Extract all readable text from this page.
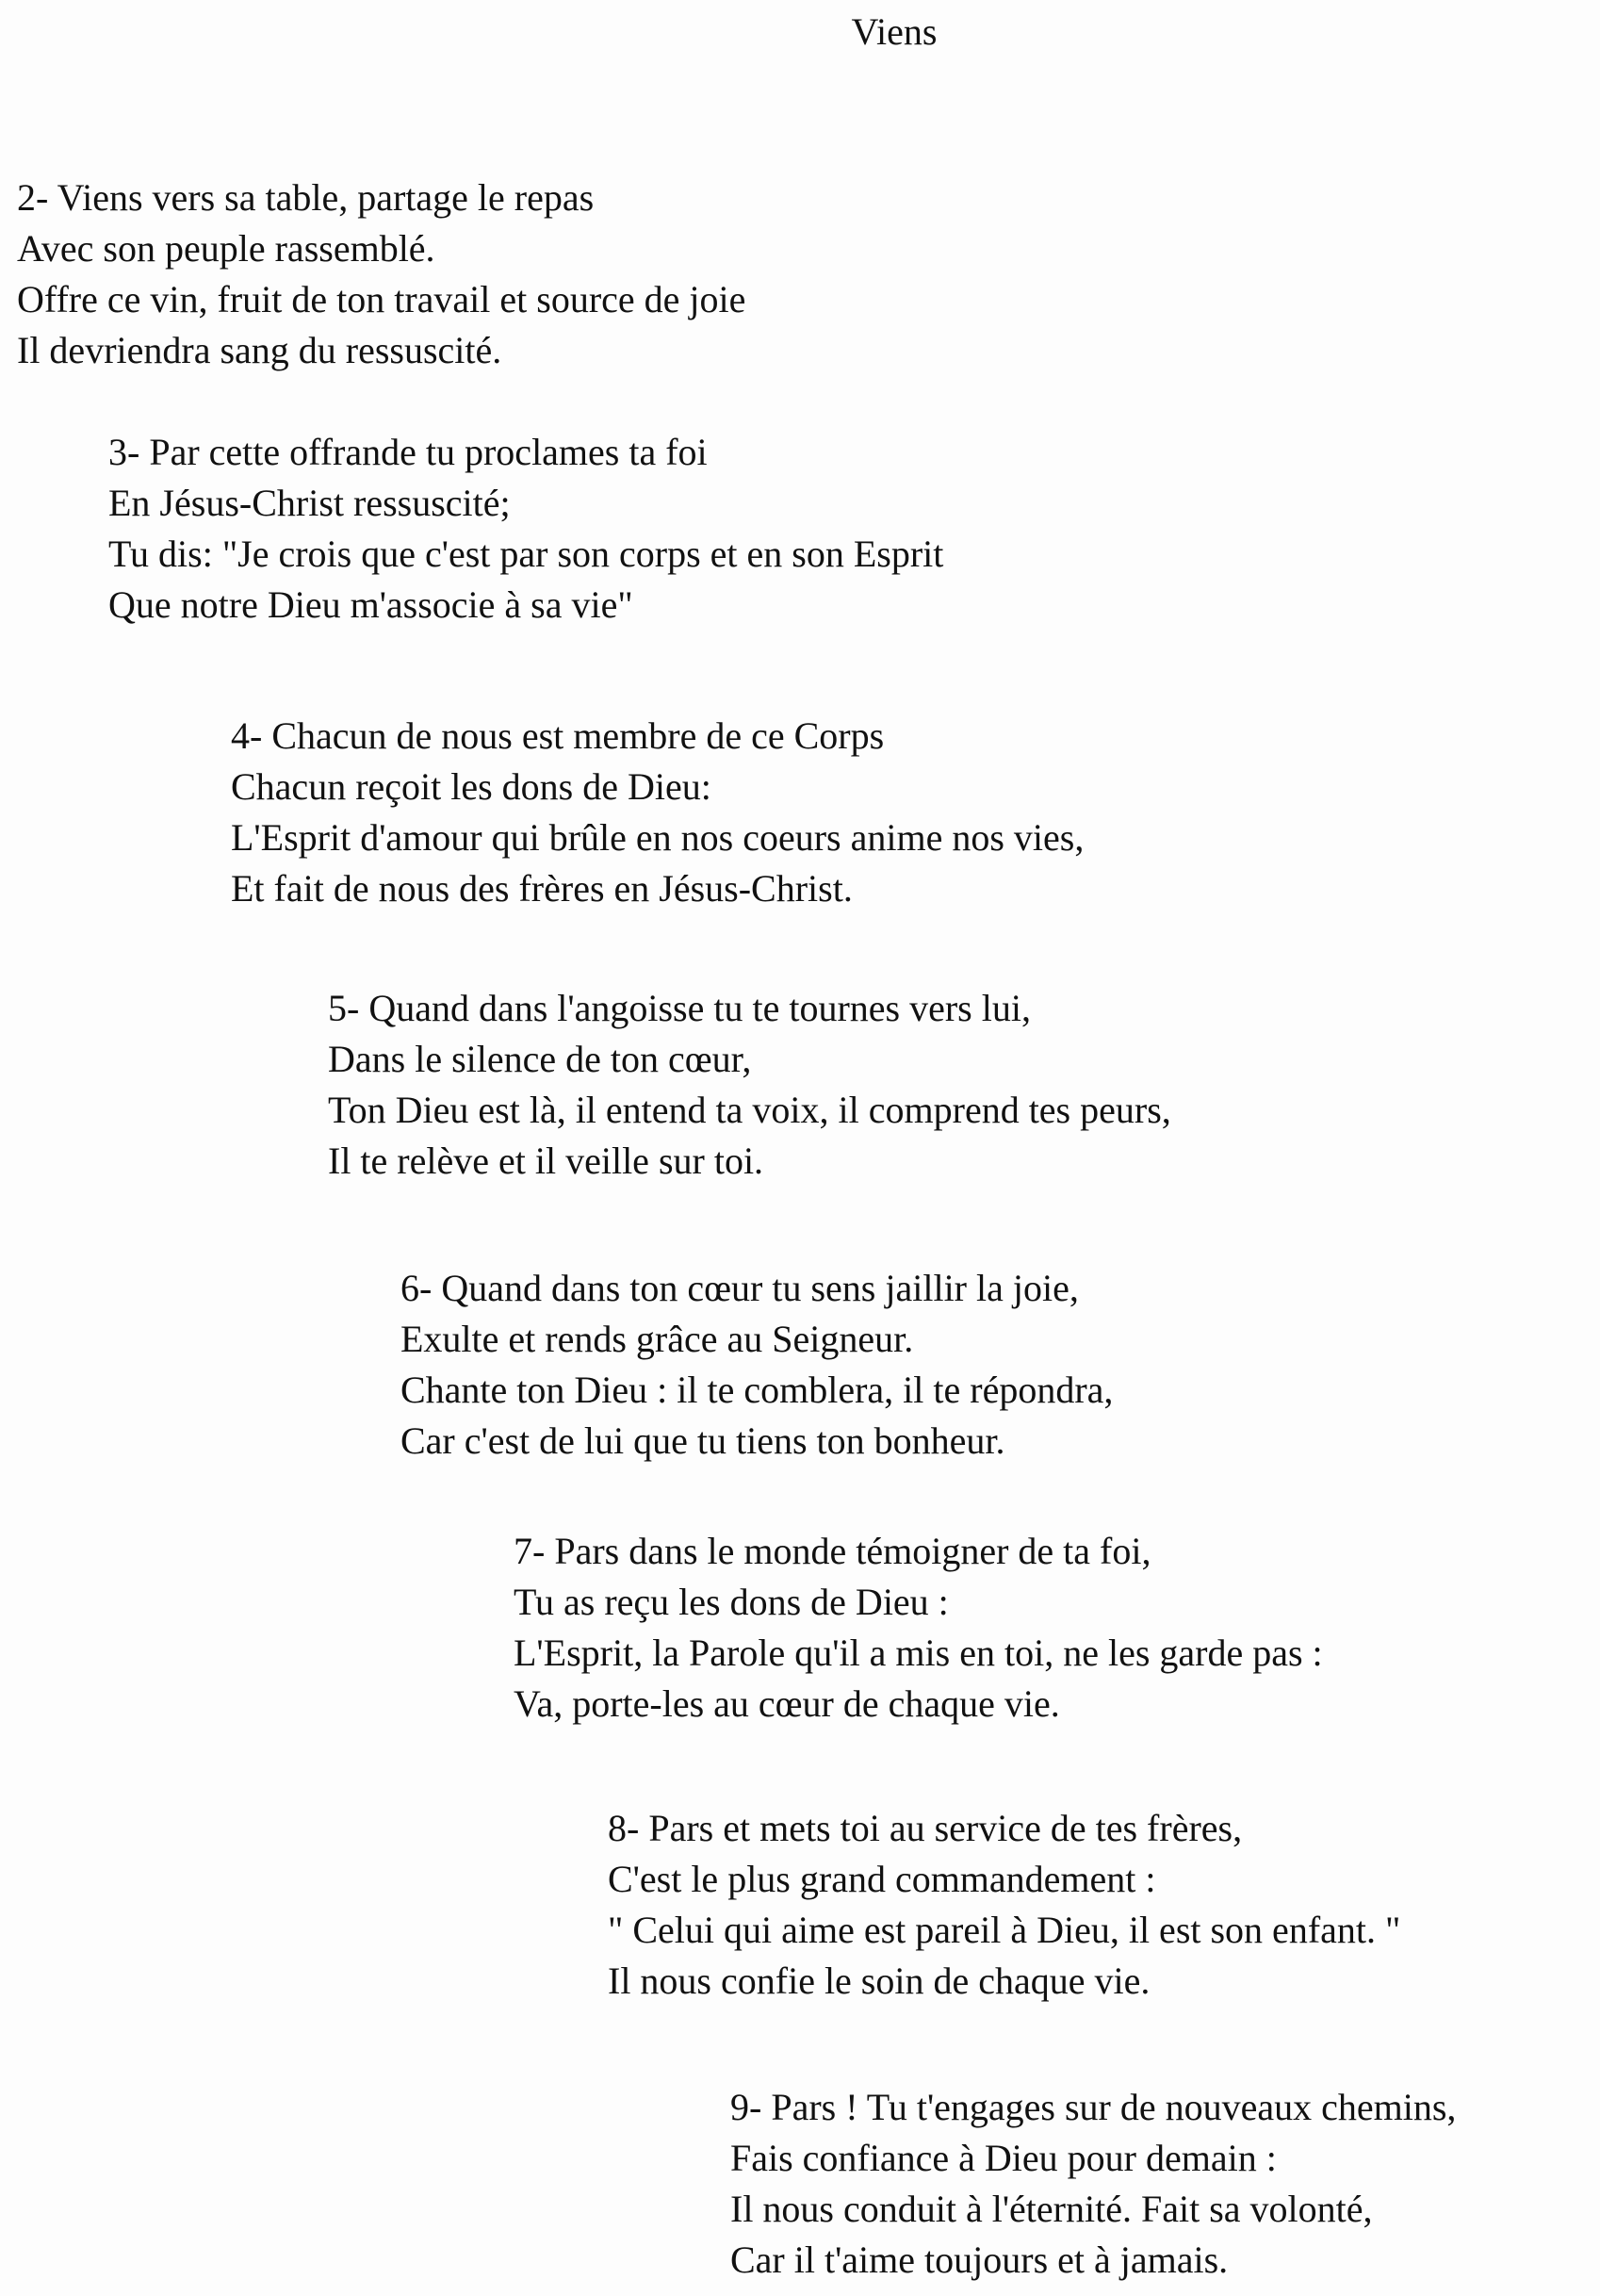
Viens
2- Viens vers sa table, partage le repas
Avec son peuple rassemblé.
Offre ce vin, fruit de ton travail et source de joie
Il devriendra sang du ressuscité.
3- Par cette offrande tu proclames ta foi
En Jésus-Christ ressuscité;
Tu dis: "Je crois que c'est par son corps et en son Esprit
Que notre Dieu m'associe à sa vie"
4- Chacun de nous est membre de ce Corps
Chacun reçoit les dons de Dieu:
L'Esprit d'amour qui brûle en nos coeurs anime nos vies,
Et fait de nous des frères en Jésus-Christ.
5- Quand dans l'angoisse tu te tournes vers lui,
Dans le silence de ton cœur,
Ton Dieu est là, il entend ta voix, il comprend tes peurs,
Il te relève et il veille sur toi.
6- Quand dans ton cœur tu sens jaillir la joie,
Exulte et rends grâce au Seigneur.
Chante ton Dieu : il te comblera, il te répondra,
Car c'est de lui que tu tiens ton bonheur.
7- Pars dans le monde témoigner de ta foi,
Tu as reçu les dons de Dieu :
L'Esprit, la Parole qu'il a mis en toi, ne les garde pas :
Va, porte-les au cœur de chaque vie.
8- Pars et mets toi au service de tes frères,
C'est le plus grand commandement :
" Celui qui aime est pareil à Dieu, il est son enfant. "
Il nous confie le soin de chaque vie.
9- Pars ! Tu t'engages sur de nouveaux chemins,
Fais confiance à Dieu pour demain :
Il nous conduit à l'éternité. Fait sa volonté,
Car il t'aime toujours et à jamais.
